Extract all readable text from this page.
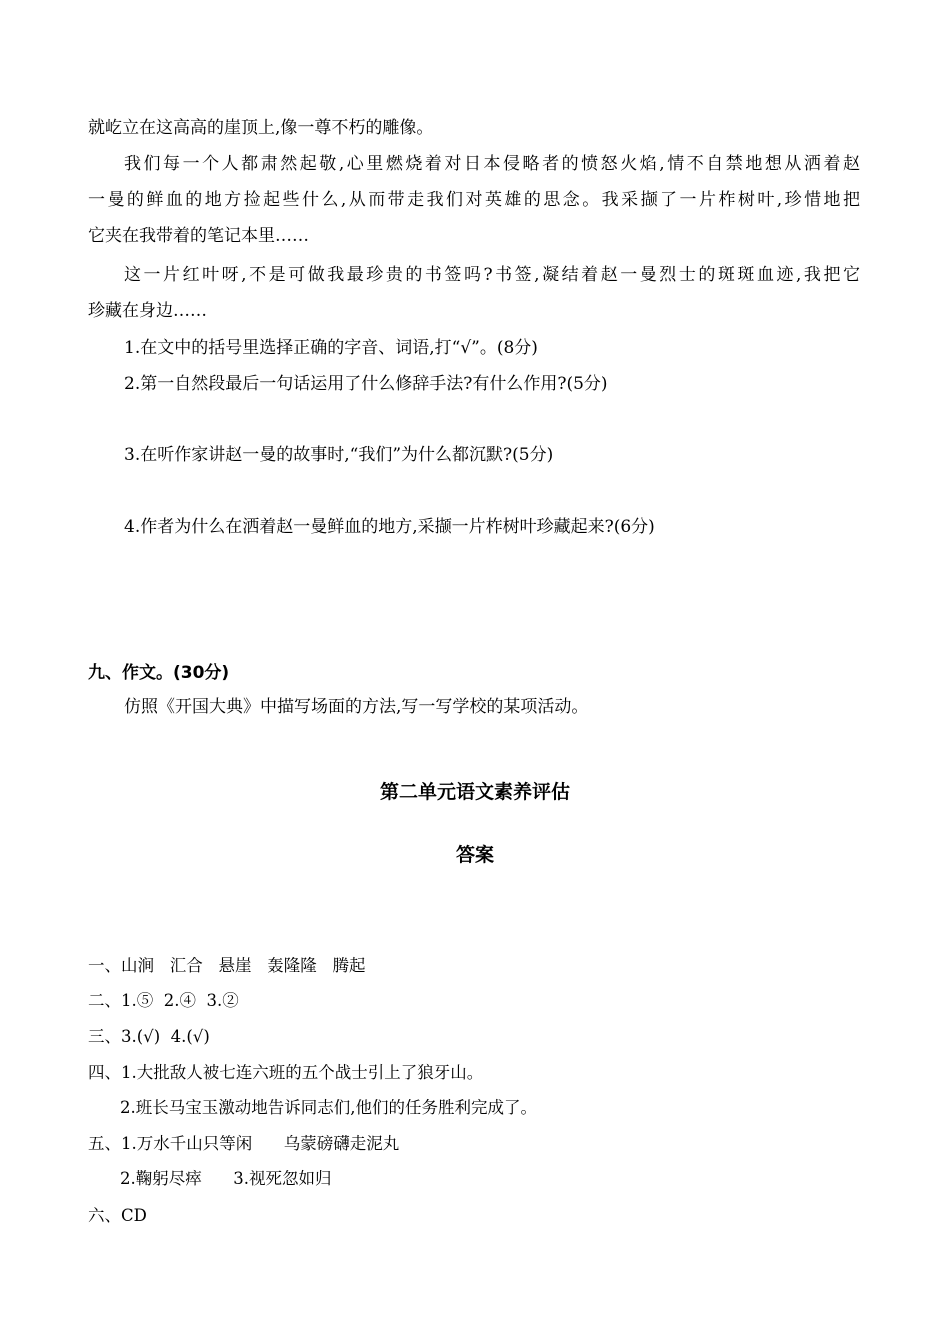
就屹立在这高高的崖顶上,像一尊不朽的雕像。
我们每一个人都肃然起敬,心里燃烧着对日本侵略者的愤怒火焰,情不自禁地想从洒着赵
一曼的鲜血的地方捡起些什么,从而带走我们对英雄的思念。我采撷了一片柞树叶,珍惜地把
它夹在我带着的笔记本里……
这一片红叶呀,不是可做我最珍贵的书签吗?书签,凝结着赵一曼烈士的斑斑血迹,我把它
珍藏在身边……
1.在文中的括号里选择正确的字音、词语,打“√”。(8分)
2.第一自然段最后一句话运用了什么修辞手法?有什么作用?(5分)
3.在听作家讲赵一曼的故事时,“我们”为什么都沉默?(5分)
4.作者为什么在洒着赵一曼鲜血的地方,采撷一片柞树叶珍藏起来?(6分)
九、作文。(30分)
仿照《开国大典》中描写场面的方法,写一写学校的某项活动。
第二单元语文素养评估
答案
一、山涧   汇合   悬崖   轰隆隆   腾起
二、1.⑤  2.④  3.②
三、3.(√)  4.(√)
四、1.大批敌人被七连六班的五个战士引上了狼牙山。
2.班长马宝玉激动地告诉同志们,他们的任务胜利完成了。
五、1.万水千山只等闲      乌蒙磅礴走泥丸
2.鞠躬尽瘁      3.视死忽如归
六、CD
